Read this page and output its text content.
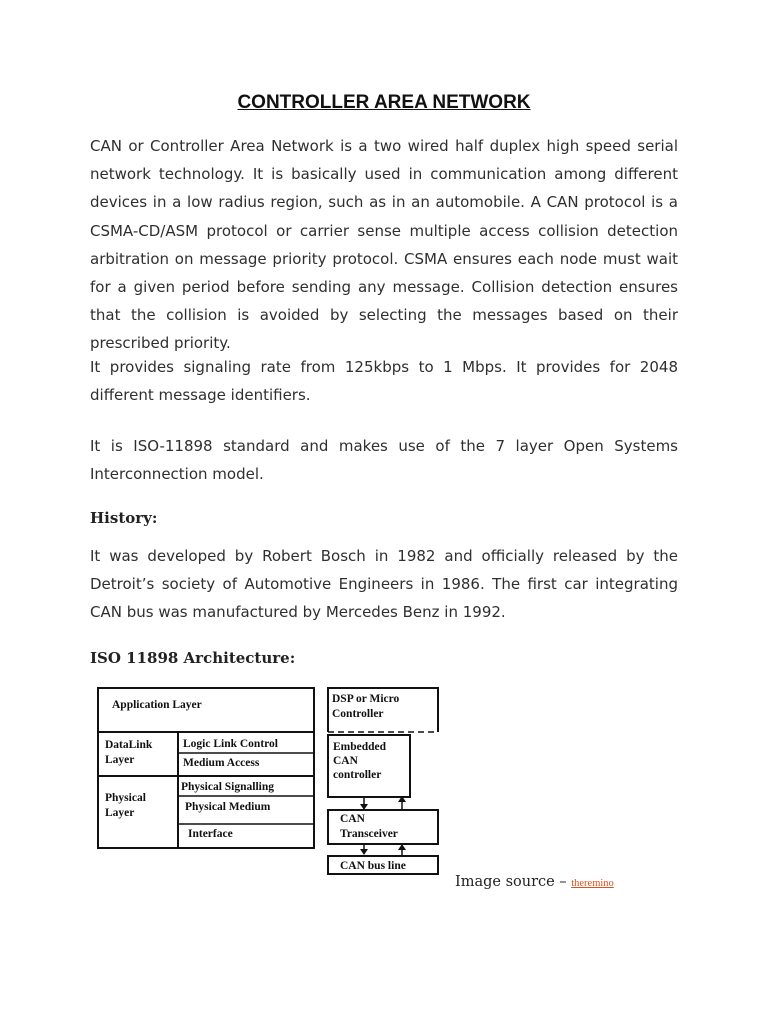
CONTROLLER AREA NETWORK

CAN or Controller Area Network is a two wired half duplex high speed serial network technology. It is basically used in communication among different devices in a low radius region, such as in an automobile. A CAN protocol is a CSMA-CD/ASM protocol or carrier sense multiple access collision detection arbitration on message priority protocol. CSMA ensures each node must wait for a given period before sending any message. Collision detection ensures that the collision is avoided by selecting the messages based on their prescribed priority.

It provides signaling rate from 125kbps to 1 Mbps. It provides for 2048 different message identifiers.

It is ISO-11898 standard and makes use of the 7 layer Open Systems Interconnection model.

History:

It was developed by Robert Bosch in 1982 and officially released by the Detroit’s society of Automotive Engineers in 1986. The first car integrating CAN bus was manufactured by Mercedes Benz in 1992.

ISO 11898 Architecture:
Application Layer
DataLink
Layer
Logic Link Control
Medium Access
Physical
Layer
Physical Signalling
Physical Medium
Interface
DSP or Micro
Controller
Embedded
CAN
controller
CAN
Transceiver
CAN bus line
Image source – theremino
